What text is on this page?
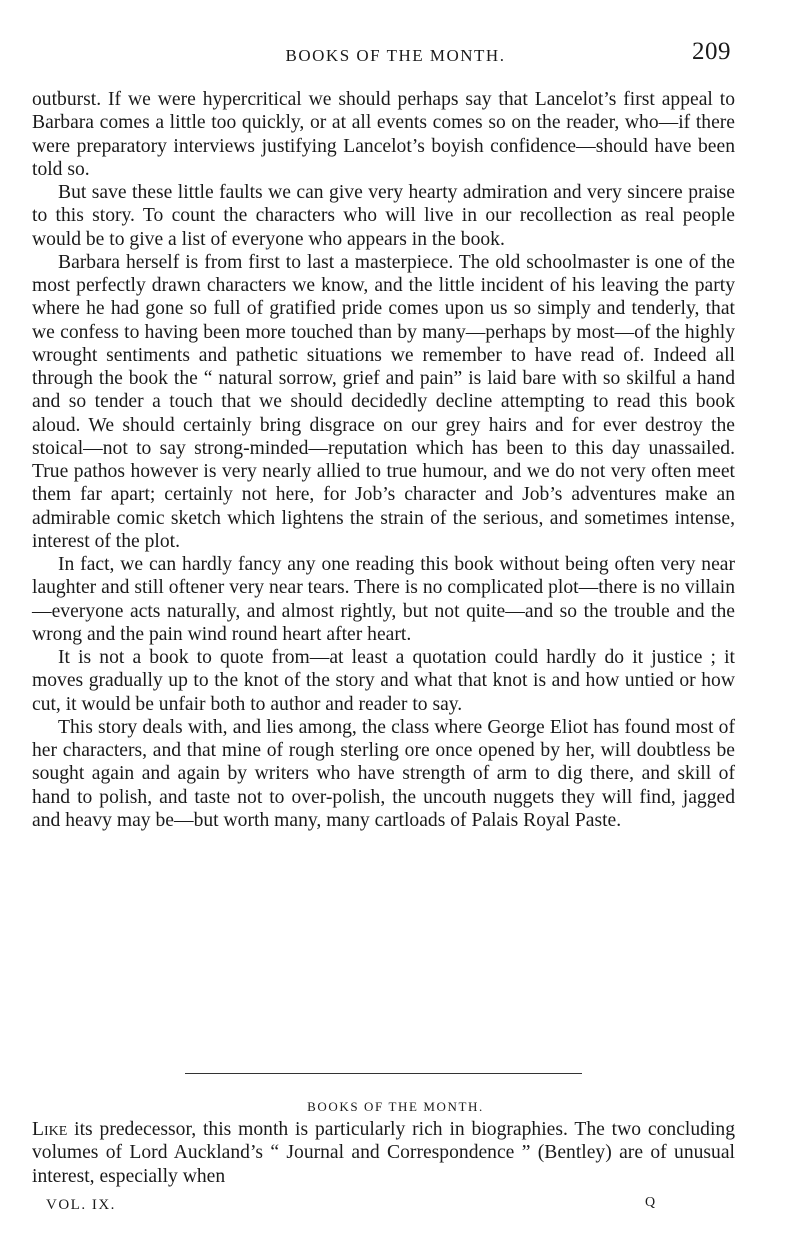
BOOKS OF THE MONTH.	209

outburst. If we were hypercritical we should perhaps say that Lancelot’s first appeal to Barbara comes a little too quickly, or at all events comes so on the reader, who—if there were preparatory interviews justifying Lancelot’s boyish confidence—should have been told so.

But save these little faults we can give very hearty admiration and very sincere praise to this story. To count the characters who will live in our recollection as real people would be to give a list of everyone who appears in the book.

Barbara herself is from first to last a masterpiece. The old schoolmaster is one of the most perfectly drawn characters we know, and the little incident of his leaving the party where he had gone so full of gratified pride comes upon us so simply and tenderly, that we confess to having been more touched than by many—perhaps by most—of the highly wrought sentiments and pathetic situations we remember to have read of. Indeed all through the book the “ natural sorrow, grief and pain” is laid bare with so skilful a hand and so tender a touch that we should decidedly decline attempting to read this book aloud. We should certainly bring disgrace on our grey hairs and for ever destroy the stoical—not to say strong-minded—reputation which has been to this day unassailed. True pathos however is very nearly allied to true humour, and we do not very often meet them far apart; certainly not here, for Job’s character and Job’s adventures make an admirable comic sketch which lightens the strain of the serious, and sometimes intense, interest of the plot.

In fact, we can hardly fancy any one reading this book without being often very near laughter and still oftener very near tears. There is no complicated plot—there is no villain—everyone acts naturally, and almost rightly, but not quite—and so the trouble and the wrong and the pain wind round heart after heart.

It is not a book to quote from—at least a quotation could hardly do it justice ; it moves gradually up to the knot of the story and what that knot is and how untied or how cut, it would be unfair both to author and reader to say.

This story deals with, and lies among, the class where George Eliot has found most of her characters, and that mine of rough sterling ore once opened by her, will doubtless be sought again and again by writers who have strength of arm to dig there, and skill of hand to polish, and taste not to over-polish, the uncouth nuggets they will find, jagged and heavy may be—but worth many, many cartloads of Palais Royal Paste.

BOOKS OF THE MONTH.

Like its predecessor, this month is particularly rich in biographies. The two concluding volumes of Lord Auckland’s “ Journal and Correspondence ” (Bentley) are of unusual interest, especially when

VOL. IX.	Q
